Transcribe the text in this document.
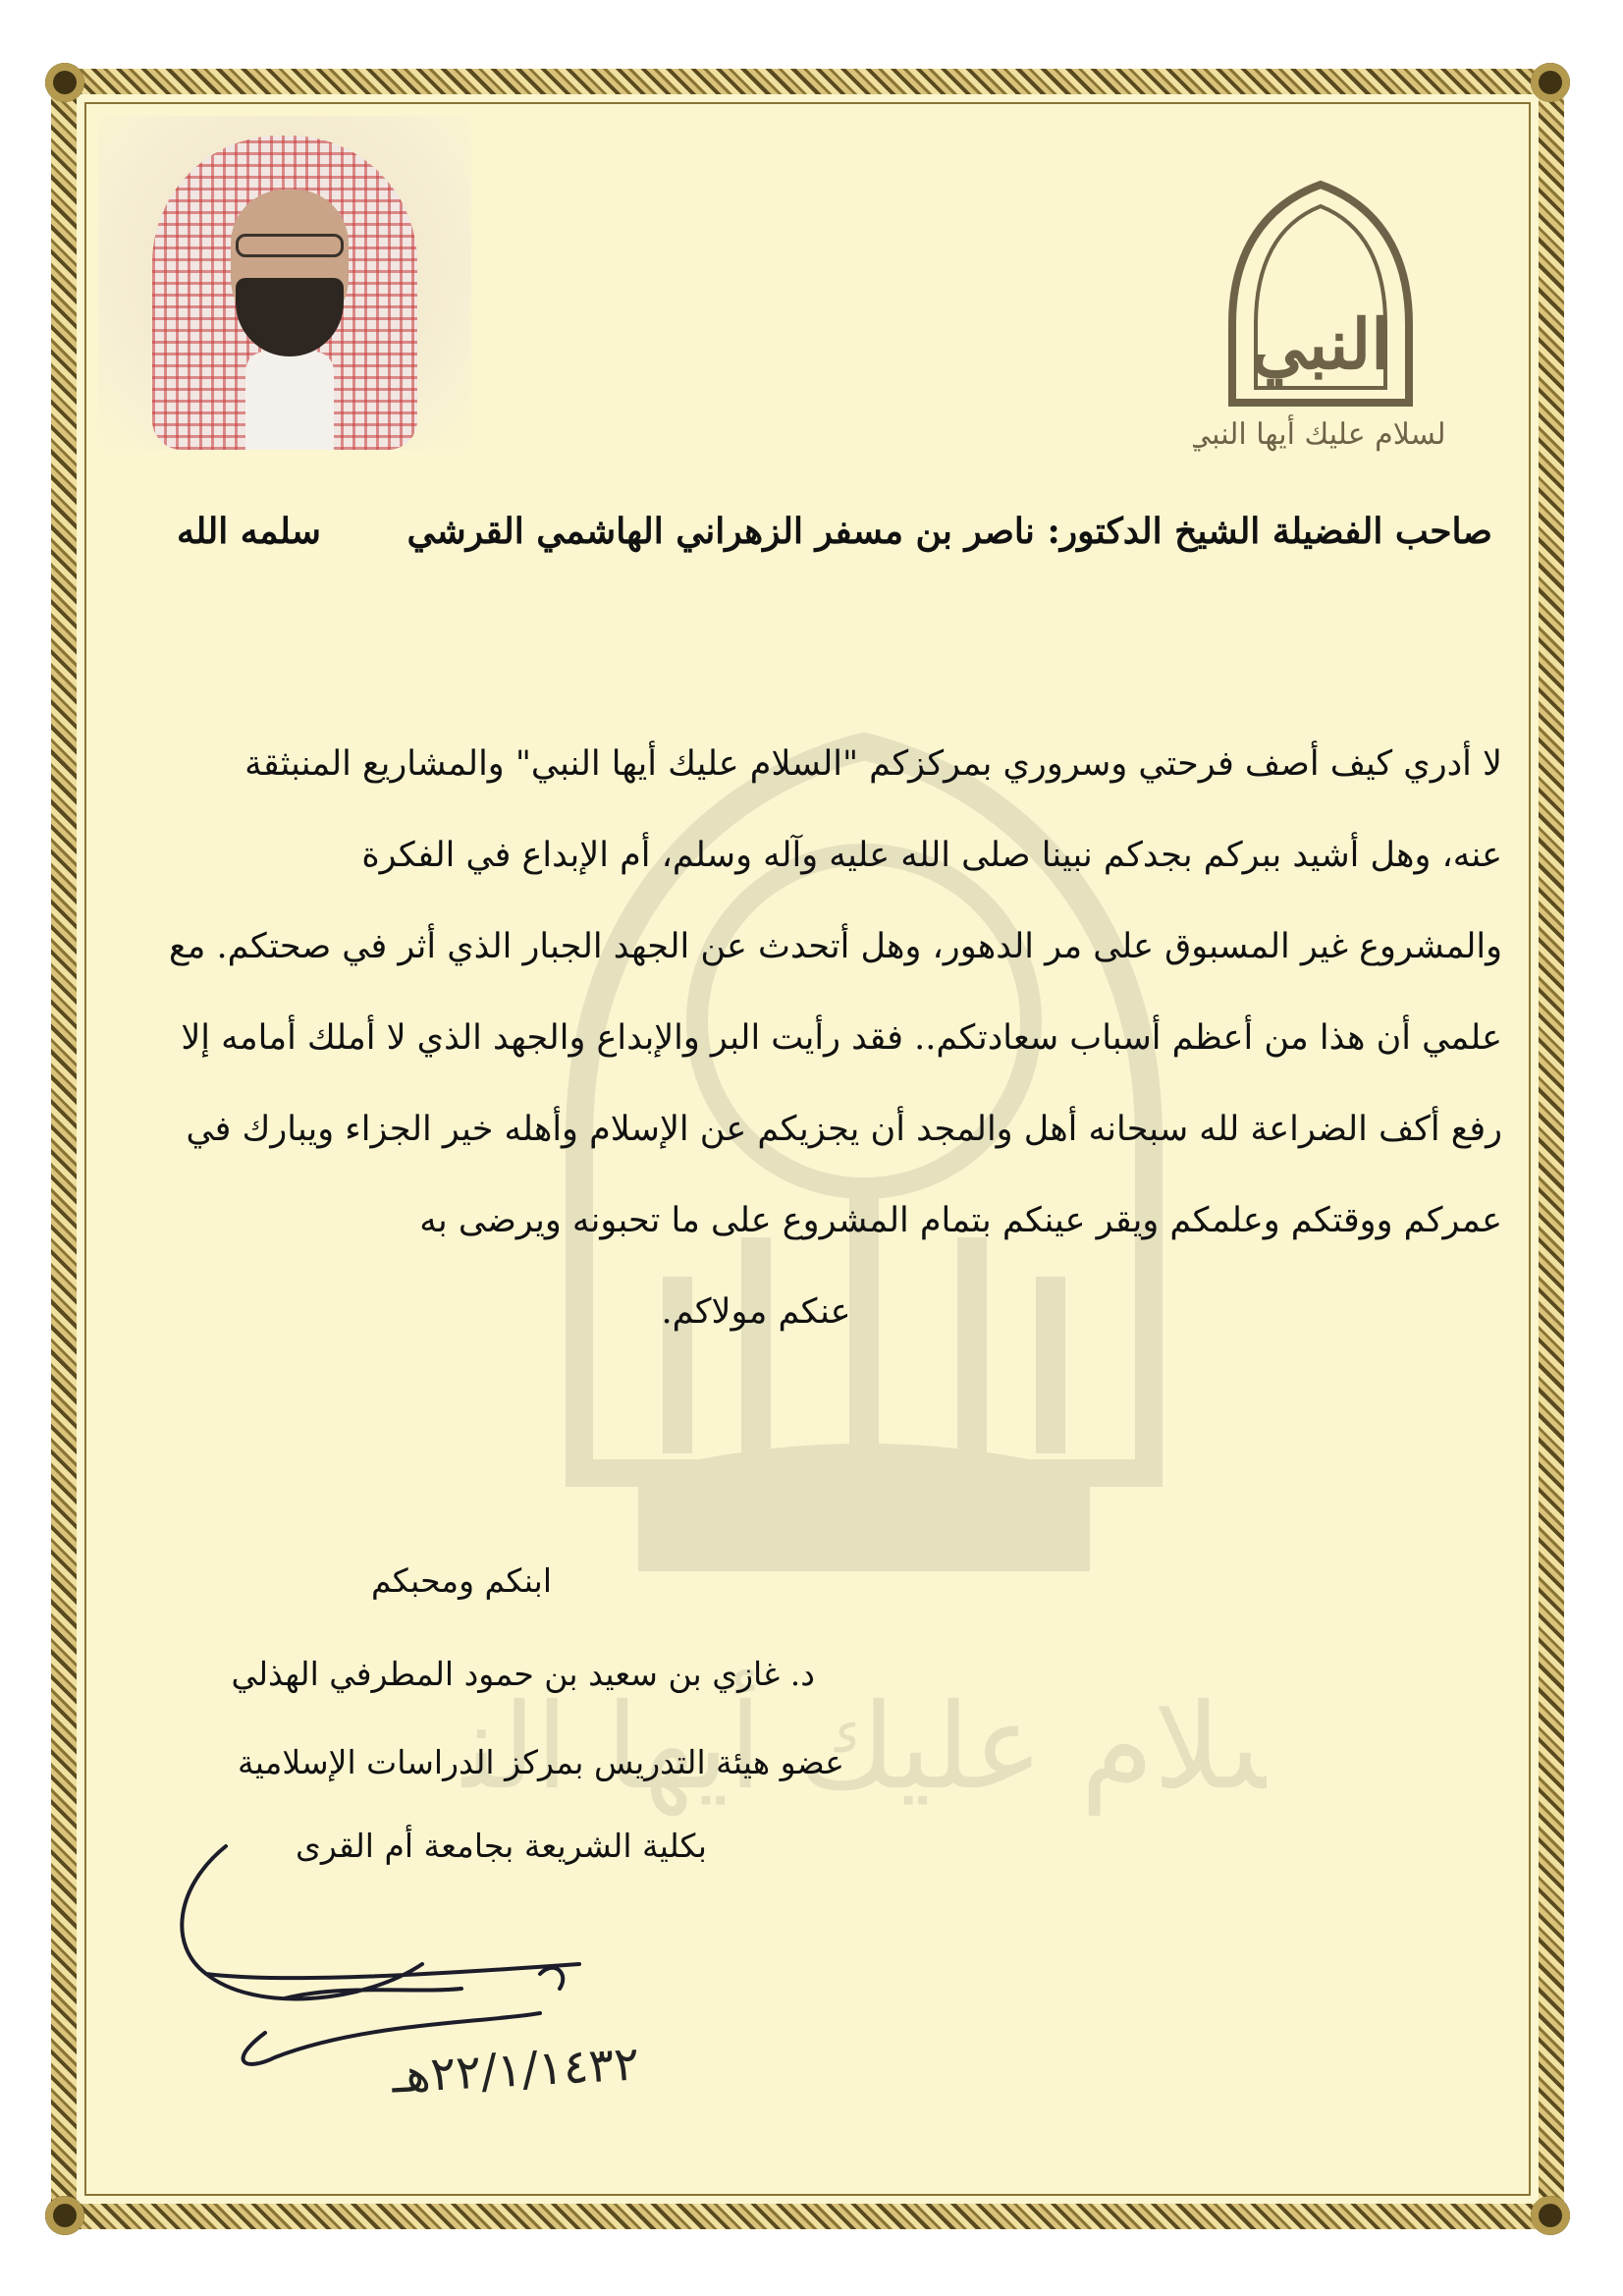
لام عليك أيها الن
النبي
السلام عليك أيها النبي
صاحب الفضيلة الشيخ الدكتور: ناصر بن مسفر الزهراني الهاشمي القرشي
سلمه الله

لا أدري كيف أصف فرحتي وسروري بمركزكم "السلام عليك أيها النبي" والمشاريع المنبثقة

عنه، وهل أشيد ببركم بجدكم نبينا صلى الله عليه وآله وسلم، أم الإبداع في الفكرة

والمشروع غير المسبوق على مر الدهور، وهل أتحدث عن الجهد الجبار الذي أثر في صحتكم. مع

علمي أن هذا من أعظم أسباب سعادتكم.. فقد رأيت البر والإبداع والجهد الذي لا أملك أمامه إلا

رفع أكف الضراعة لله سبحانه أهل والمجد أن يجزيكم عن الإسلام وأهله خير الجزاء ويبارك في

عمركم ووقتكم وعلمكم ويقر عينكم بتمام المشروع على ما تحبونه ويرضى به

عنكم مولاكم.

ابنكم ومحبكم
د. غازي بن سعيد بن حمود المطرفي الهذلي
عضو هيئة التدريس بمركز الدراسات الإسلامية
بكلية الشريعة بجامعة أم القرى
٢٢/١/١٤٣٢هـ
